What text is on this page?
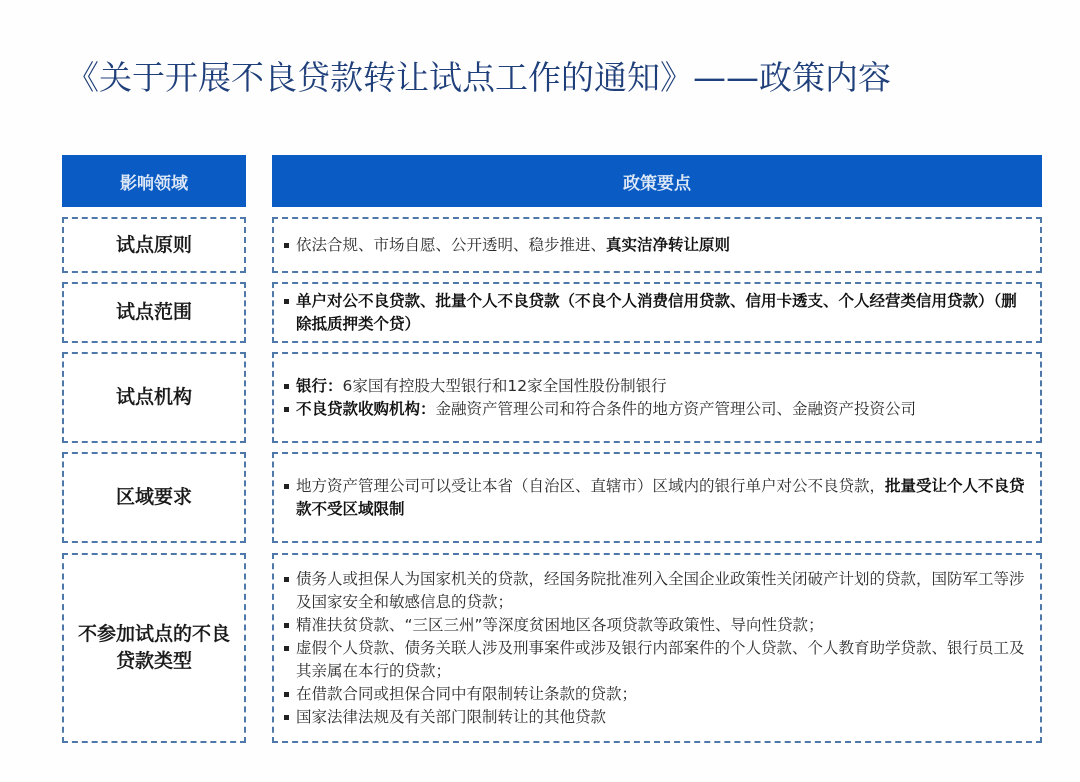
《关于开展不良贷款转让试点工作的通知》——政策内容
影响领域	政策要点
试点原则	依法合规、市场自愿、公开透明、稳步推进、真实洁净转让原则
试点范围
单户对公不良贷款、批量个人不良贷款（不良个人消费信用贷款、信用卡透支、个人经营类信用贷款）（删除抵质押类个贷）
试点机构
银行：6家国有控股大型银行和12家全国性股份制银行
不良贷款收购机构：金融资产管理公司和符合条件的地方资产管理公司、金融资产投资公司
区域要求
地方资产管理公司可以受让本省（自治区、直辖市）区域内的银行单户对公不良贷款，批量受让个人不良贷款不受区域限制
不参加试点的不良贷款类型
债务人或担保人为国家机关的贷款，经国务院批准列入全国企业政策性关闭破产计划的贷款，国防军工等涉及国家安全和敏感信息的贷款；
精准扶贫贷款、“三区三州”等深度贫困地区各项贷款等政策性、导向性贷款；
虚假个人贷款、债务关联人涉及刑事案件或涉及银行内部案件的个人贷款、个人教育助学贷款、银行员工及其亲属在本行的贷款；
在借款合同或担保合同中有限制转让条款的贷款；
国家法律法规及有关部门限制转让的其他贷款
